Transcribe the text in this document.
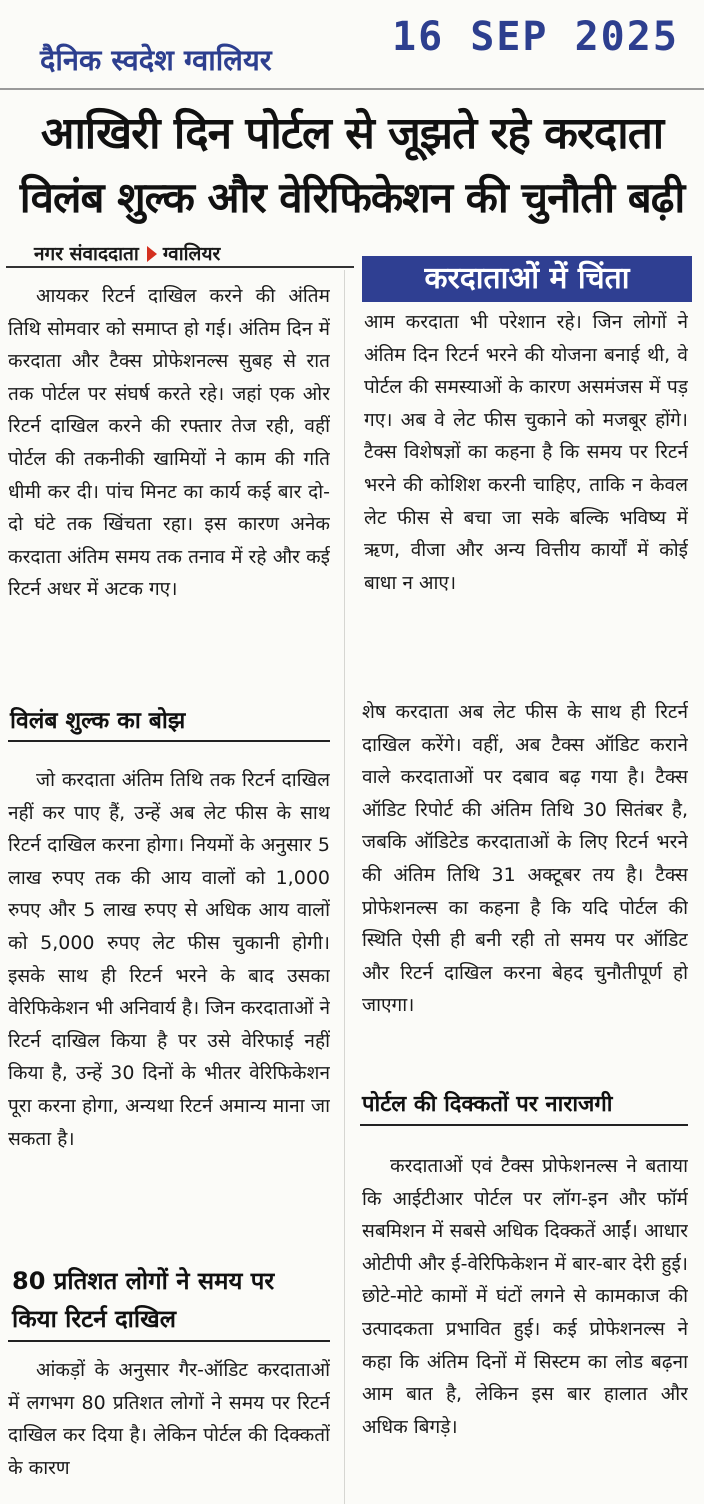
दैनिक स्वदेश ग्वालियर	16 SEP 2025
आखिरी दिन पोर्टल से जूझते रहे करदाता
विलंब शुल्क और वेरिफिकेशन की चुनौती बढ़ी
नगर संवाददाता ग्वालियर

आयकर रिटर्न दाखिल करने की अंतिम तिथि सोमवार को समाप्त हो गई। अंतिम दिन में करदाता और टैक्स प्रोफेशनल्स सुबह से रात तक पोर्टल पर संघर्ष करते रहे। जहां एक ओर रिटर्न दाखिल करने की रफ्तार तेज रही, वहीं पोर्टल की तकनीकी खामियों ने काम की गति धीमी कर दी। पांच मिनट का कार्य कई बार दो-दो घंटे तक खिंचता रहा। इस कारण अनेक करदाता अंतिम समय तक तनाव में रहे और कई रिटर्न अधर में अटक गए।

विलंब शुल्क का बोझ

जो करदाता अंतिम तिथि तक रिटर्न दाखिल नहीं कर पाए हैं, उन्हें अब लेट फीस के साथ रिटर्न दाखिल करना होगा। नियमों के अनुसार 5 लाख रुपए तक की आय वालों को 1,000 रुपए और 5 लाख रुपए से अधिक आय वालों को 5,000 रुपए लेट फीस चुकानी होगी। इसके साथ ही रिटर्न भरने के बाद उसका वेरिफिकेशन भी अनिवार्य है। जिन करदाताओं ने रिटर्न दाखिल किया है पर उसे वेरिफाई नहीं किया है, उन्हें 30 दिनों के भीतर वेरिफिकेशन पूरा करना होगा, अन्यथा रिटर्न अमान्य माना जा सकता है।

80 प्रतिशत लोगों ने समय पर
किया रिटर्न दाखिल

आंकड़ों के अनुसार गैर-ऑडिट करदाताओं में लगभग 80 प्रतिशत लोगों ने समय पर रिटर्न दाखिल कर दिया है। लेकिन पोर्टल की दिक्कतों के कारण

करदाताओं में चिंता

आम करदाता भी परेशान रहे। जिन लोगों ने अंतिम दिन रिटर्न भरने की योजना बनाई थी, वे पोर्टल की समस्याओं के कारण असमंजस में पड़ गए। अब वे लेट फीस चुकाने को मजबूर होंगे। टैक्स विशेषज्ञों का कहना है कि समय पर रिटर्न भरने की कोशिश करनी चाहिए, ताकि न केवल लेट फीस से बचा जा सके बल्कि भविष्य में ऋण, वीजा और अन्य वित्तीय कार्यों में कोई बाधा न आए।

शेष करदाता अब लेट फीस के साथ ही रिटर्न दाखिल करेंगे। वहीं, अब टैक्स ऑडिट कराने वाले करदाताओं पर दबाव बढ़ गया है। टैक्स ऑडिट रिपोर्ट की अंतिम तिथि 30 सितंबर है, जबकि ऑडिटेड करदाताओं के लिए रिटर्न भरने की अंतिम तिथि 31 अक्टूबर तय है। टैक्स प्रोफेशनल्स का कहना है कि यदि पोर्टल की स्थिति ऐसी ही बनी रही तो समय पर ऑडिट और रिटर्न दाखिल करना बेहद चुनौतीपूर्ण हो जाएगा।

पोर्टल की दिक्कतों पर नाराजगी

करदाताओं एवं टैक्स प्रोफेशनल्स ने बताया कि आईटीआर पोर्टल पर लॉग-इन और फॉर्म सबमिशन में सबसे अधिक दिक्कतें आईं। आधार ओटीपी और ई-वेरिफिकेशन में बार-बार देरी हुई। छोटे-मोटे कामों में घंटों लगने से कामकाज की उत्पादकता प्रभावित हुई। कई प्रोफेशनल्स ने कहा कि अंतिम दिनों में सिस्टम का लोड बढ़ना आम बात है, लेकिन इस बार हालात और अधिक बिगड़े।
